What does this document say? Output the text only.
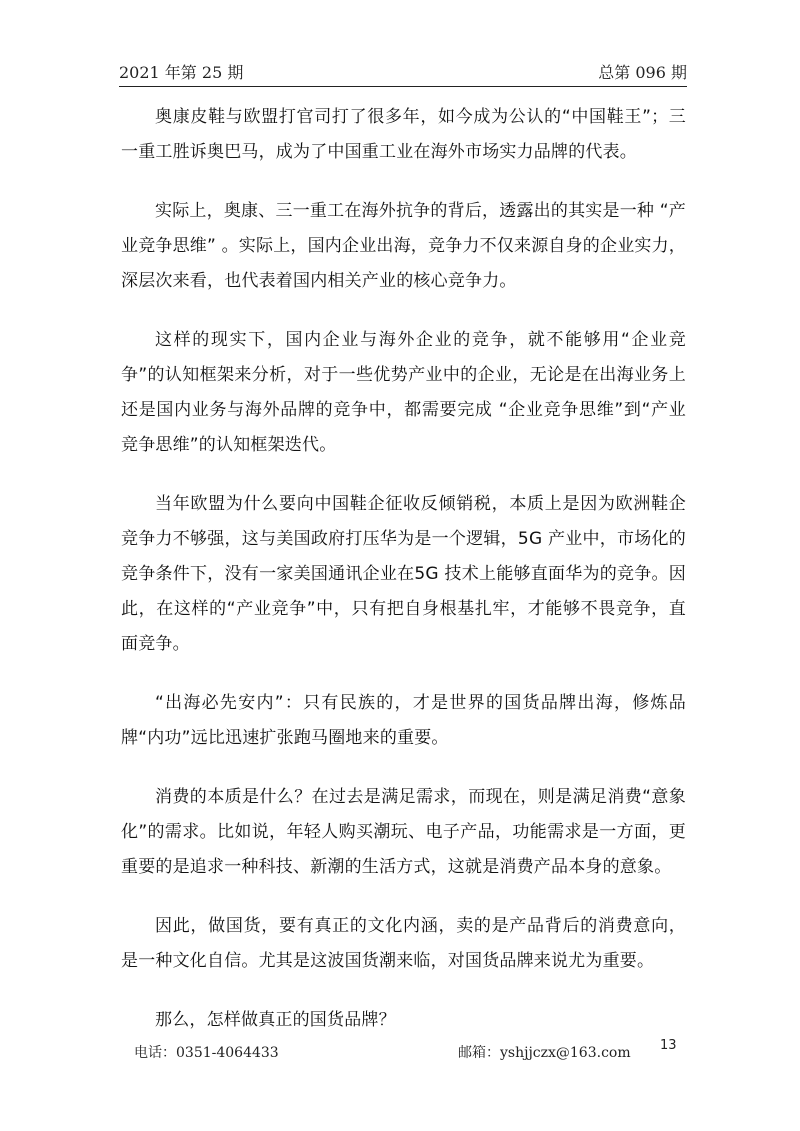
2021 年第 25 期	总第 096 期

奥康皮鞋与欧盟打官司打了很多年，如今成为公认的“中国鞋王”；三一重工胜诉奥巴马，成为了中国重工业在海外市场实力品牌的代表。

实际上，奥康、三一重工在海外抗争的背后，透露出的其实是一种 “产业竞争思维” 。实际上，国内企业出海，竞争力不仅来源自身的企业实力，深层次来看，也代表着国内相关产业的核心竞争力。

这样的现实下，国内企业与海外企业的竞争，就不能够用“企业竞争”的认知框架来分析，对于一些优势产业中的企业，无论是在出海业务上还是国内业务与海外品牌的竞争中，都需要完成 “企业竞争思维”到“产业竞争思维”的认知框架迭代。

当年欧盟为什么要向中国鞋企征收反倾销税，本质上是因为欧洲鞋企竞争力不够强，这与美国政府打压华为是一个逻辑，5G 产业中，市场化的竞争条件下，没有一家美国通讯企业在5G 技术上能够直面华为的竞争。因此，在这样的“产业竞争”中，只有把自身根基扎牢，才能够不畏竞争，直面竞争。

“出海必先安内”：只有民族的，才是世界的国货品牌出海，修炼品牌“内功”远比迅速扩张跑马圈地来的重要。

消费的本质是什么？在过去是满足需求，而现在，则是满足消费“意象化”的需求。比如说，年轻人购买潮玩、电子产品，功能需求是一方面，更重要的是追求一种科技、新潮的生活方式，这就是消费产品本身的意象。

因此，做国货，要有真正的文化内涵，卖的是产品背后的消费意向，是一种文化自信。尤其是这波国货潮来临，对国货品牌来说尤为重要。

那么，怎样做真正的国货品牌？

电话：0351-4064433	邮箱：yshjjczx@163.com 13
